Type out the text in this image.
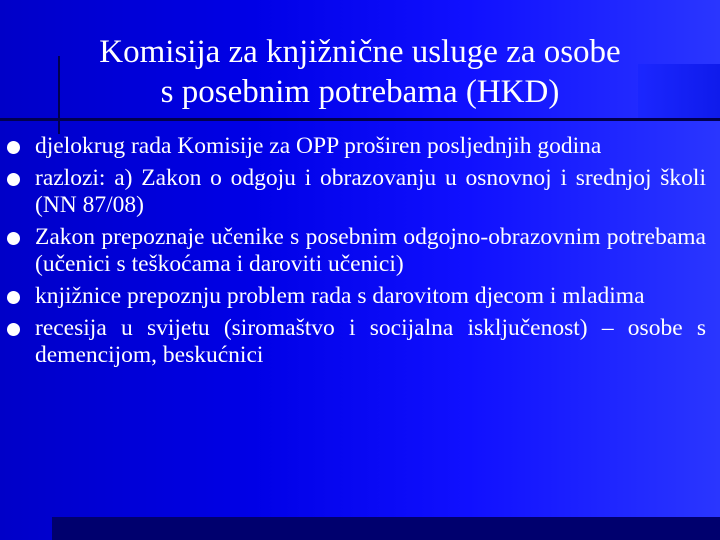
Komisija za knjižnične usluge za osobe
s posebnim potrebama (HKD)
djelokrug rada Komisije za OPP proširen posljednjih godina
razlozi: a) Zakon o odgoju i obrazovanju u osnovnoj i srednjoj školi (NN 87/08)
Zakon prepoznaje učenike s posebnim odgojno-obrazovnim potrebama (učenici s teškoćama i daroviti učenici)
knjižnice prepoznju problem rada s darovitom djecom i mladima
recesija u svijetu (siromaštvo i socijalna isključenost) – osobe s demencijom, beskućnici
